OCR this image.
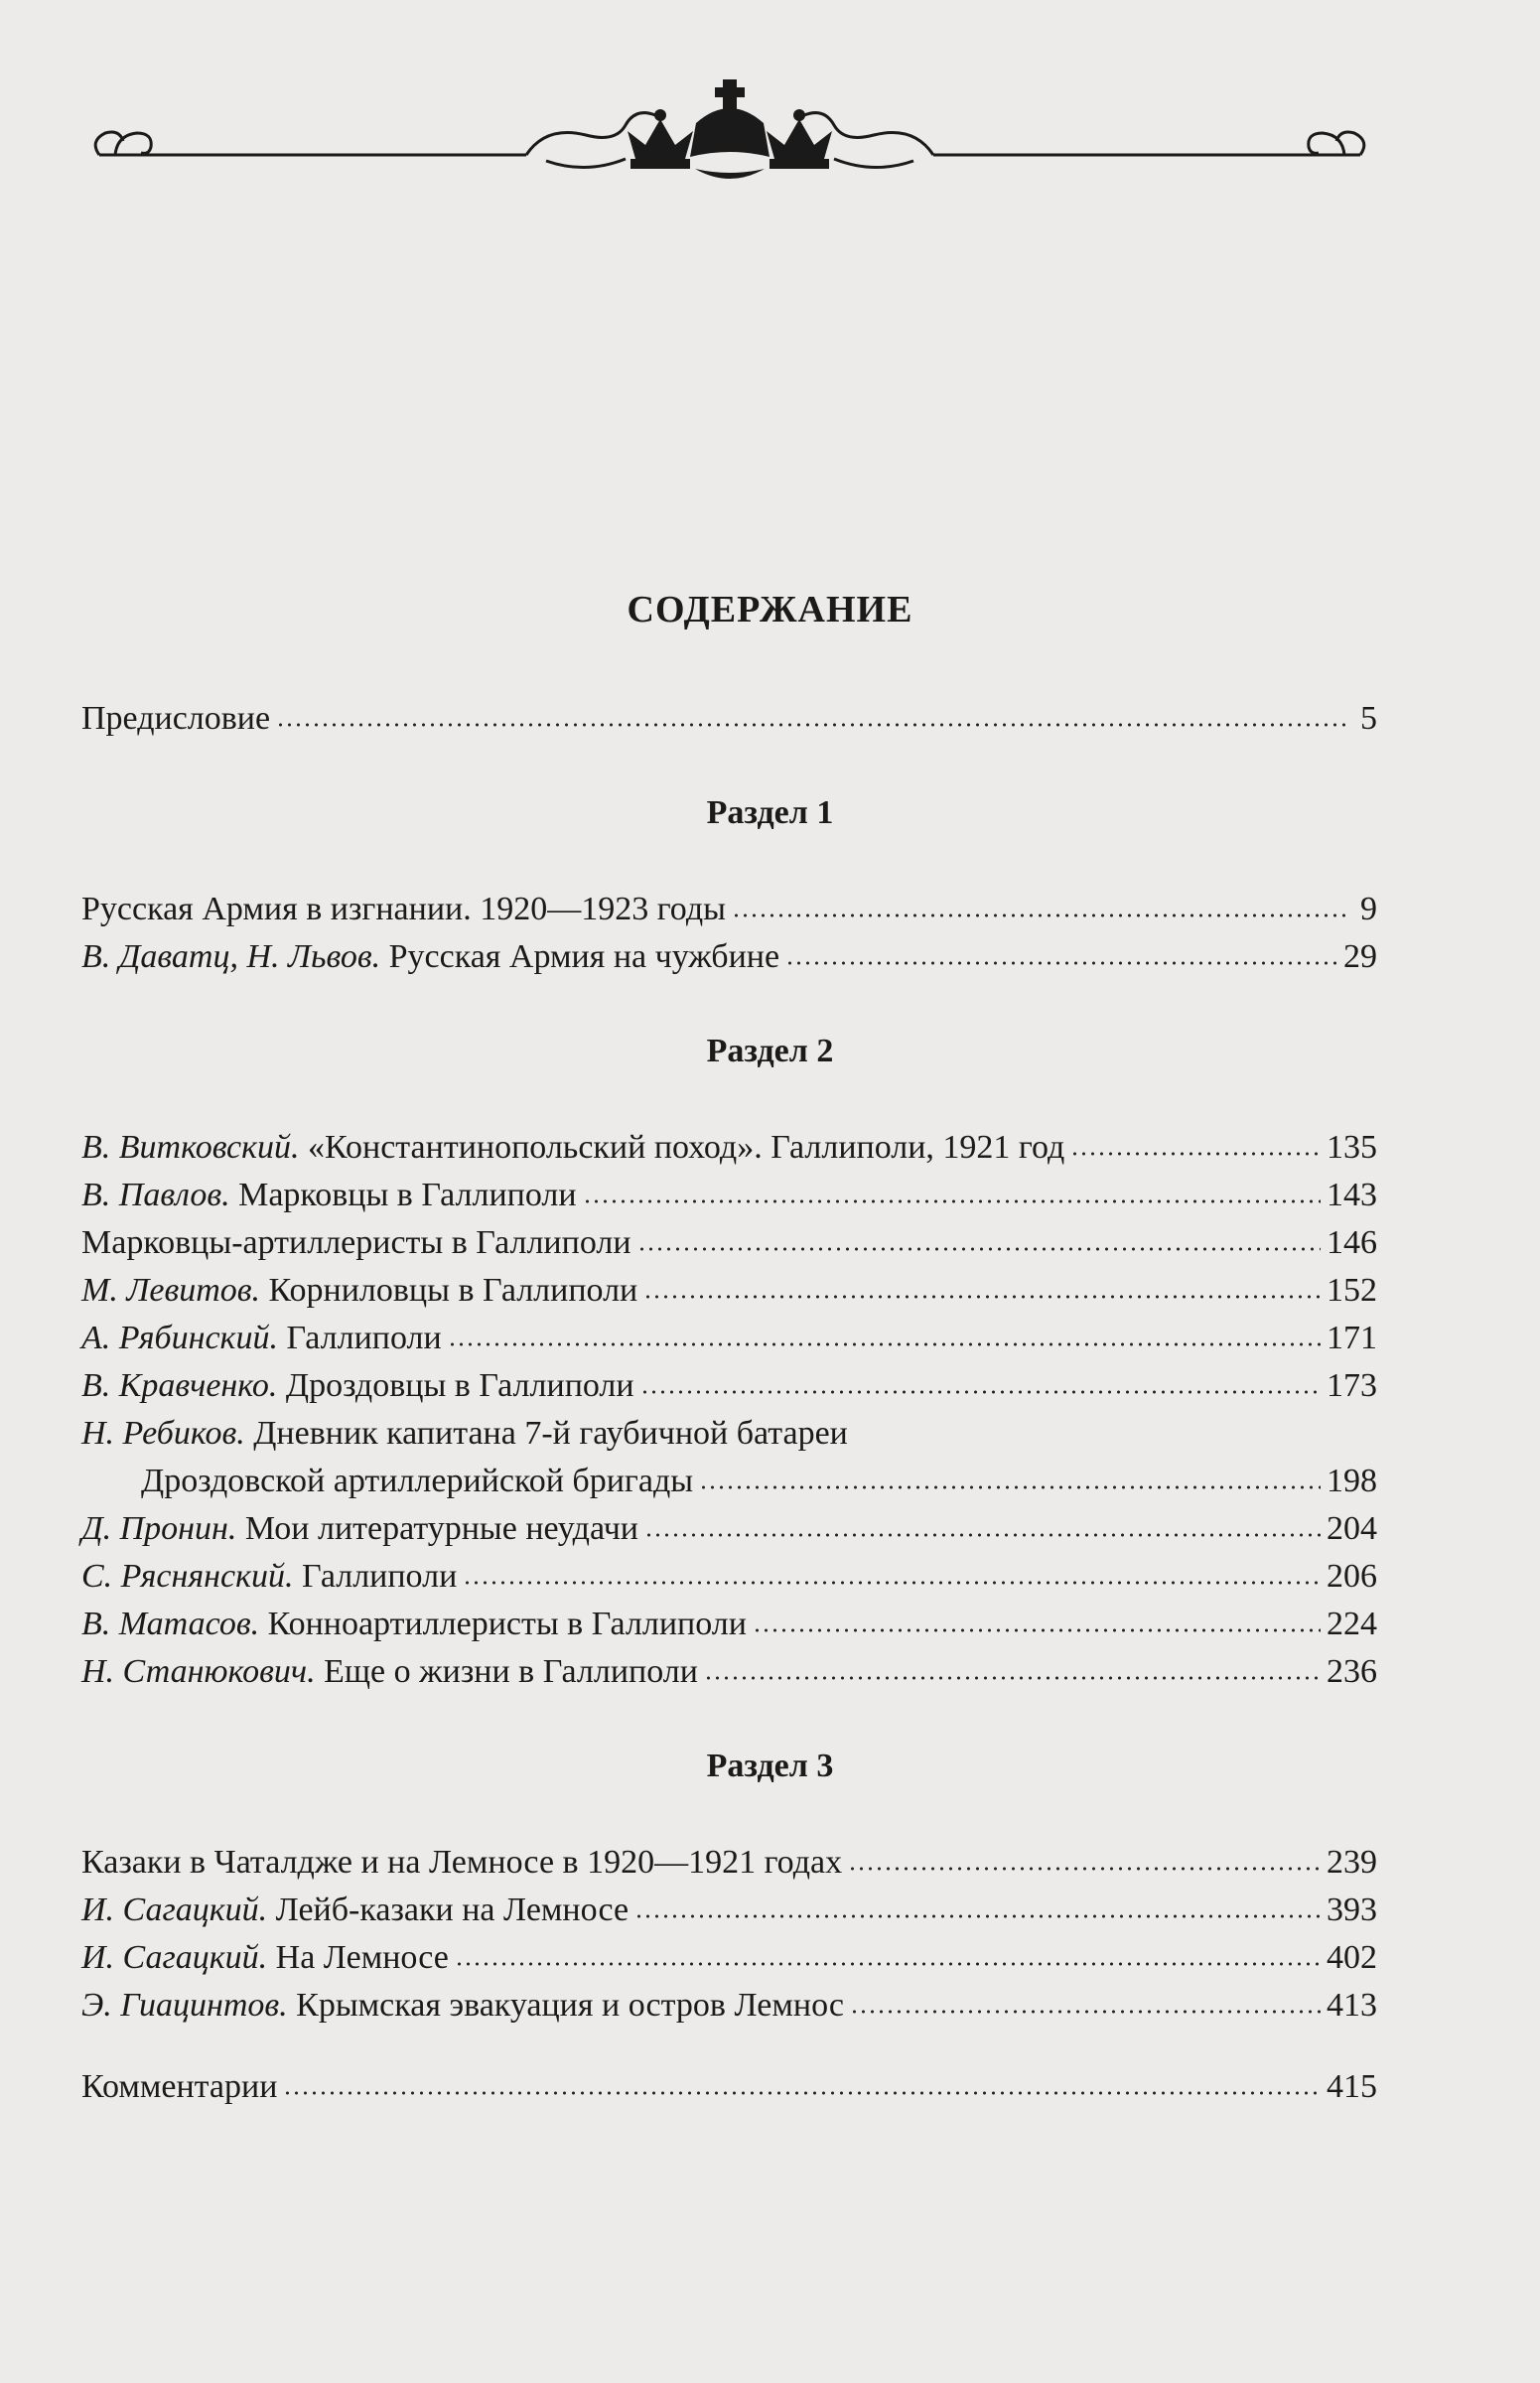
СОДЕРЖАНИЕ
Предисловие	5
Раздел 1
Русская Армия в изгнании. 1920—1923 годы	9
В. Даватц, Н. Львов. Русская Армия на чужбине	29
Раздел 2
В. Витковский. «Константинопольский поход». Галлиполи, 1921 год	135
В. Павлов. Марковцы в Галлиполи	143
Марковцы-артиллеристы в Галлиполи	146
М. Левитов. Корниловцы в Галлиполи	152
А. Рябинский. Галлиполи	171
В. Кравченко. Дроздовцы в Галлиполи	173
Н. Ребиков. Дневник капитана 7-й гаубичной батареи
Дроздовской артиллерийской бригады	198
Д. Пронин. Мои литературные неудачи	204
С. Ряснянский. Галлиполи	206
В. Матасов. Конноартиллеристы в Галлиполи	224
Н. Станюкович. Еще о жизни в Галлиполи	236
Раздел 3
Казаки в Чаталдже и на Лемносе в 1920—1921 годах	239
И. Сагацкий. Лейб-казаки на Лемносе	393
И. Сагацкий. На Лемносе	402
Э. Гиацинтов. Крымская эвакуация и остров Лемнос	413
Комментарии	415
